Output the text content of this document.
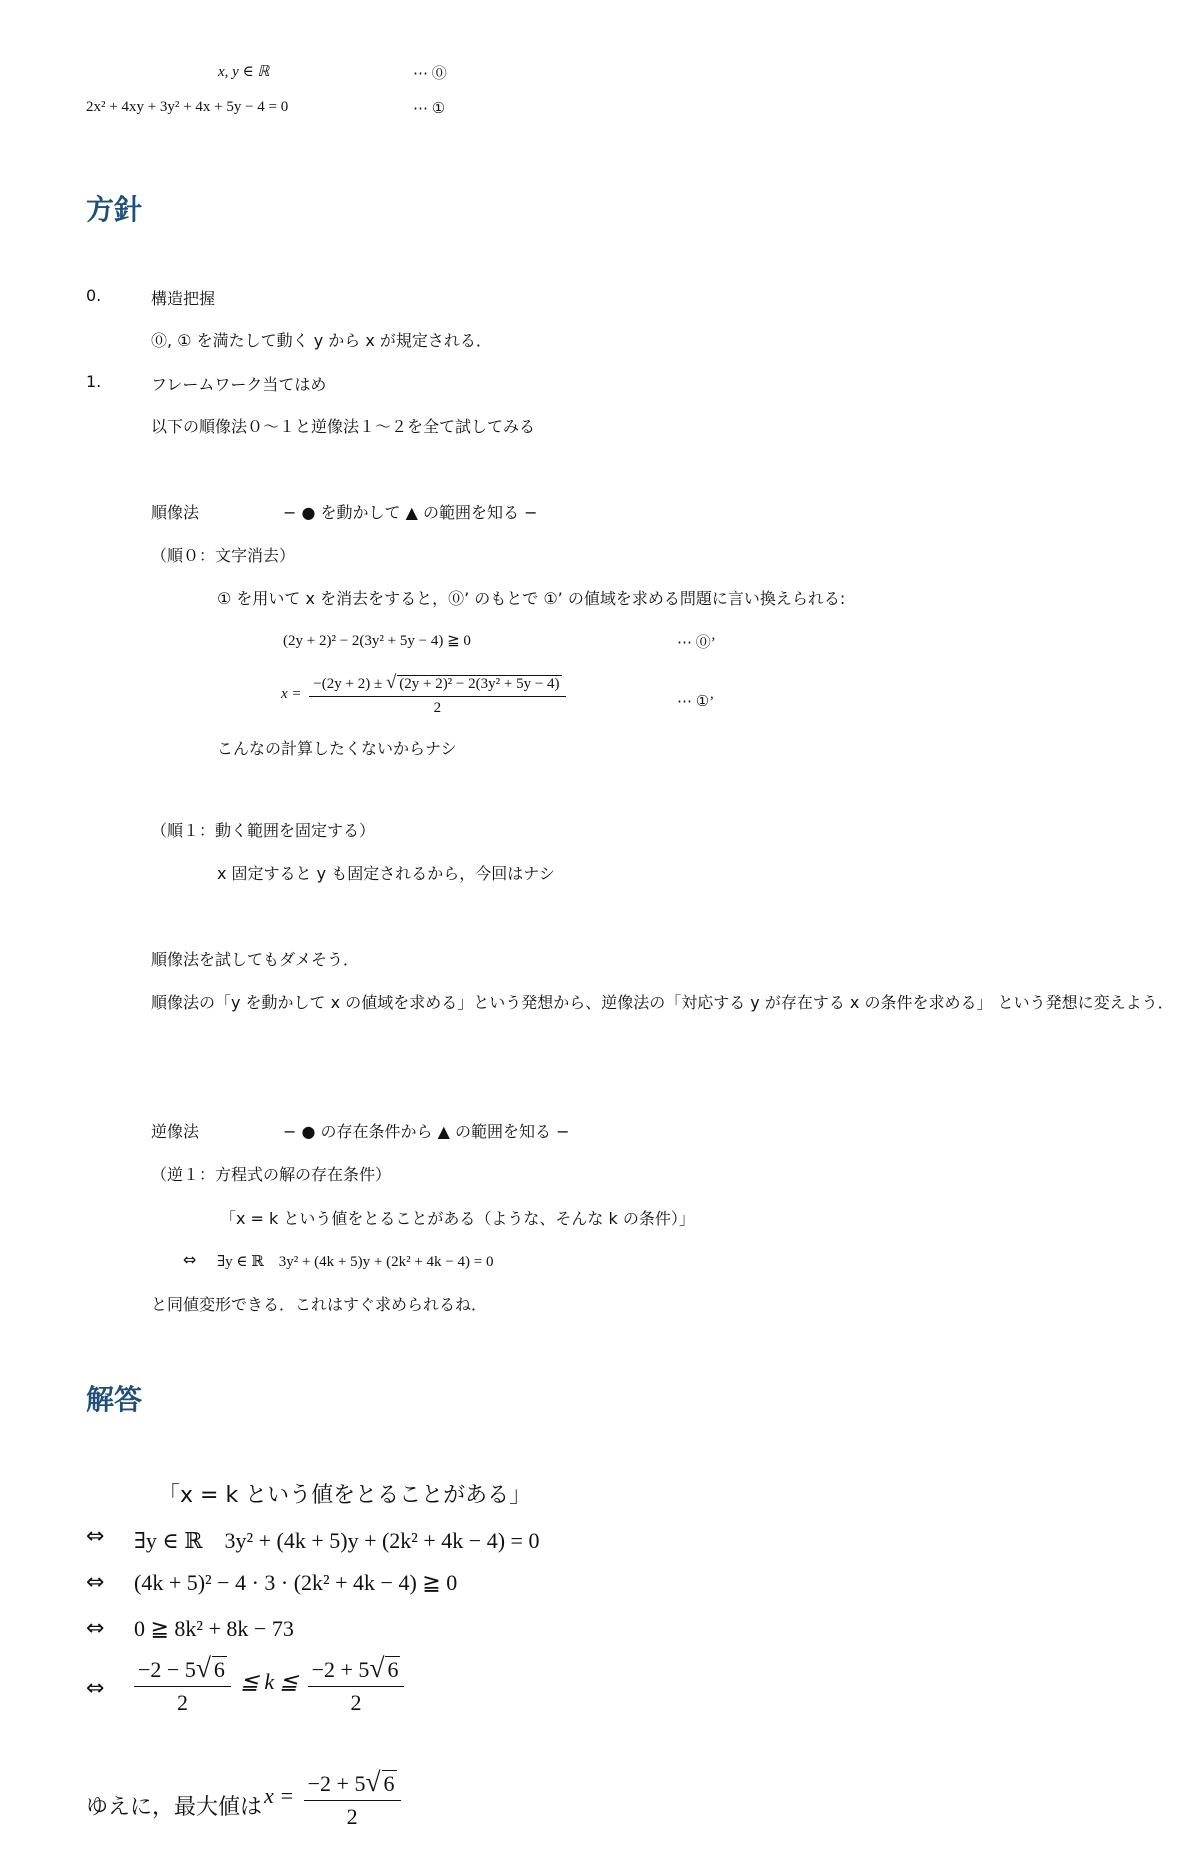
x, y ∈ ℝ	⋯ ⓪
2x² + 4xy + 3y² + 4x + 5y − 4 = 0	⋯ ①
方針
0.	構造把握
⓪, ① を満たして動く y から x が規定される．
1.	フレームワーク当てはめ
以下の順像法０〜１と逆像法１〜２を全て試してみる
順像法	− ● を動かして ▲ の範囲を知る −
（順０：文字消去）
① を用いて x を消去をすると，⓪’ のもとで ①’ の値域を求める問題に言い換えられる:
(2y + 2)² − 2(3y² + 5y − 4) ≧ 0	⋯ ⓪’
$x = \frac{\text{−(2y + 2) ± √ (2y + 2)² − 2(3y² + 5y − 4)}}{2}$	⋯ ①’
こんなの計算したくないからナシ
（順１：動く範囲を固定する）
x 固定すると y も固定されるから，今回はナシ
順像法を試してもダメそう．
順像法の「y を動かして x の値域を求める」という発想から、逆像法の「対応する y が存在する x の条件を求める」 という発想に変えよう．
逆像法	− ● の存在条件から ▲ の範囲を知る −
（逆１：方程式の解の存在条件）
「x = k という値をとることがある（ような、そんな k の条件）」
⇔ ∃y ∈ ℝ　3y² + (4k + 5)y + (2k² + 4k − 4) = 0
と同値変形できる．これはすぐ求められるね．
解答
「x = k という値をとることがある」
⇔ ∃y ∈ ℝ　3y² + (4k + 5)y + (2k² + 4k − 4) = 0
⇔ (4k + 5)² − 4 · 3 · (2k² + 4k − 4) ≧ 0
⇔ 0 ≧ 8k² + 8k − 73
⇔ $\frac{-2 - 5√ 6}{2}$ ≦ k ≦ $\frac{-2 + 5√ 6}{2}$
ゆえに，最大値は $x = \frac{-2 + 5√ 6}{2}$
